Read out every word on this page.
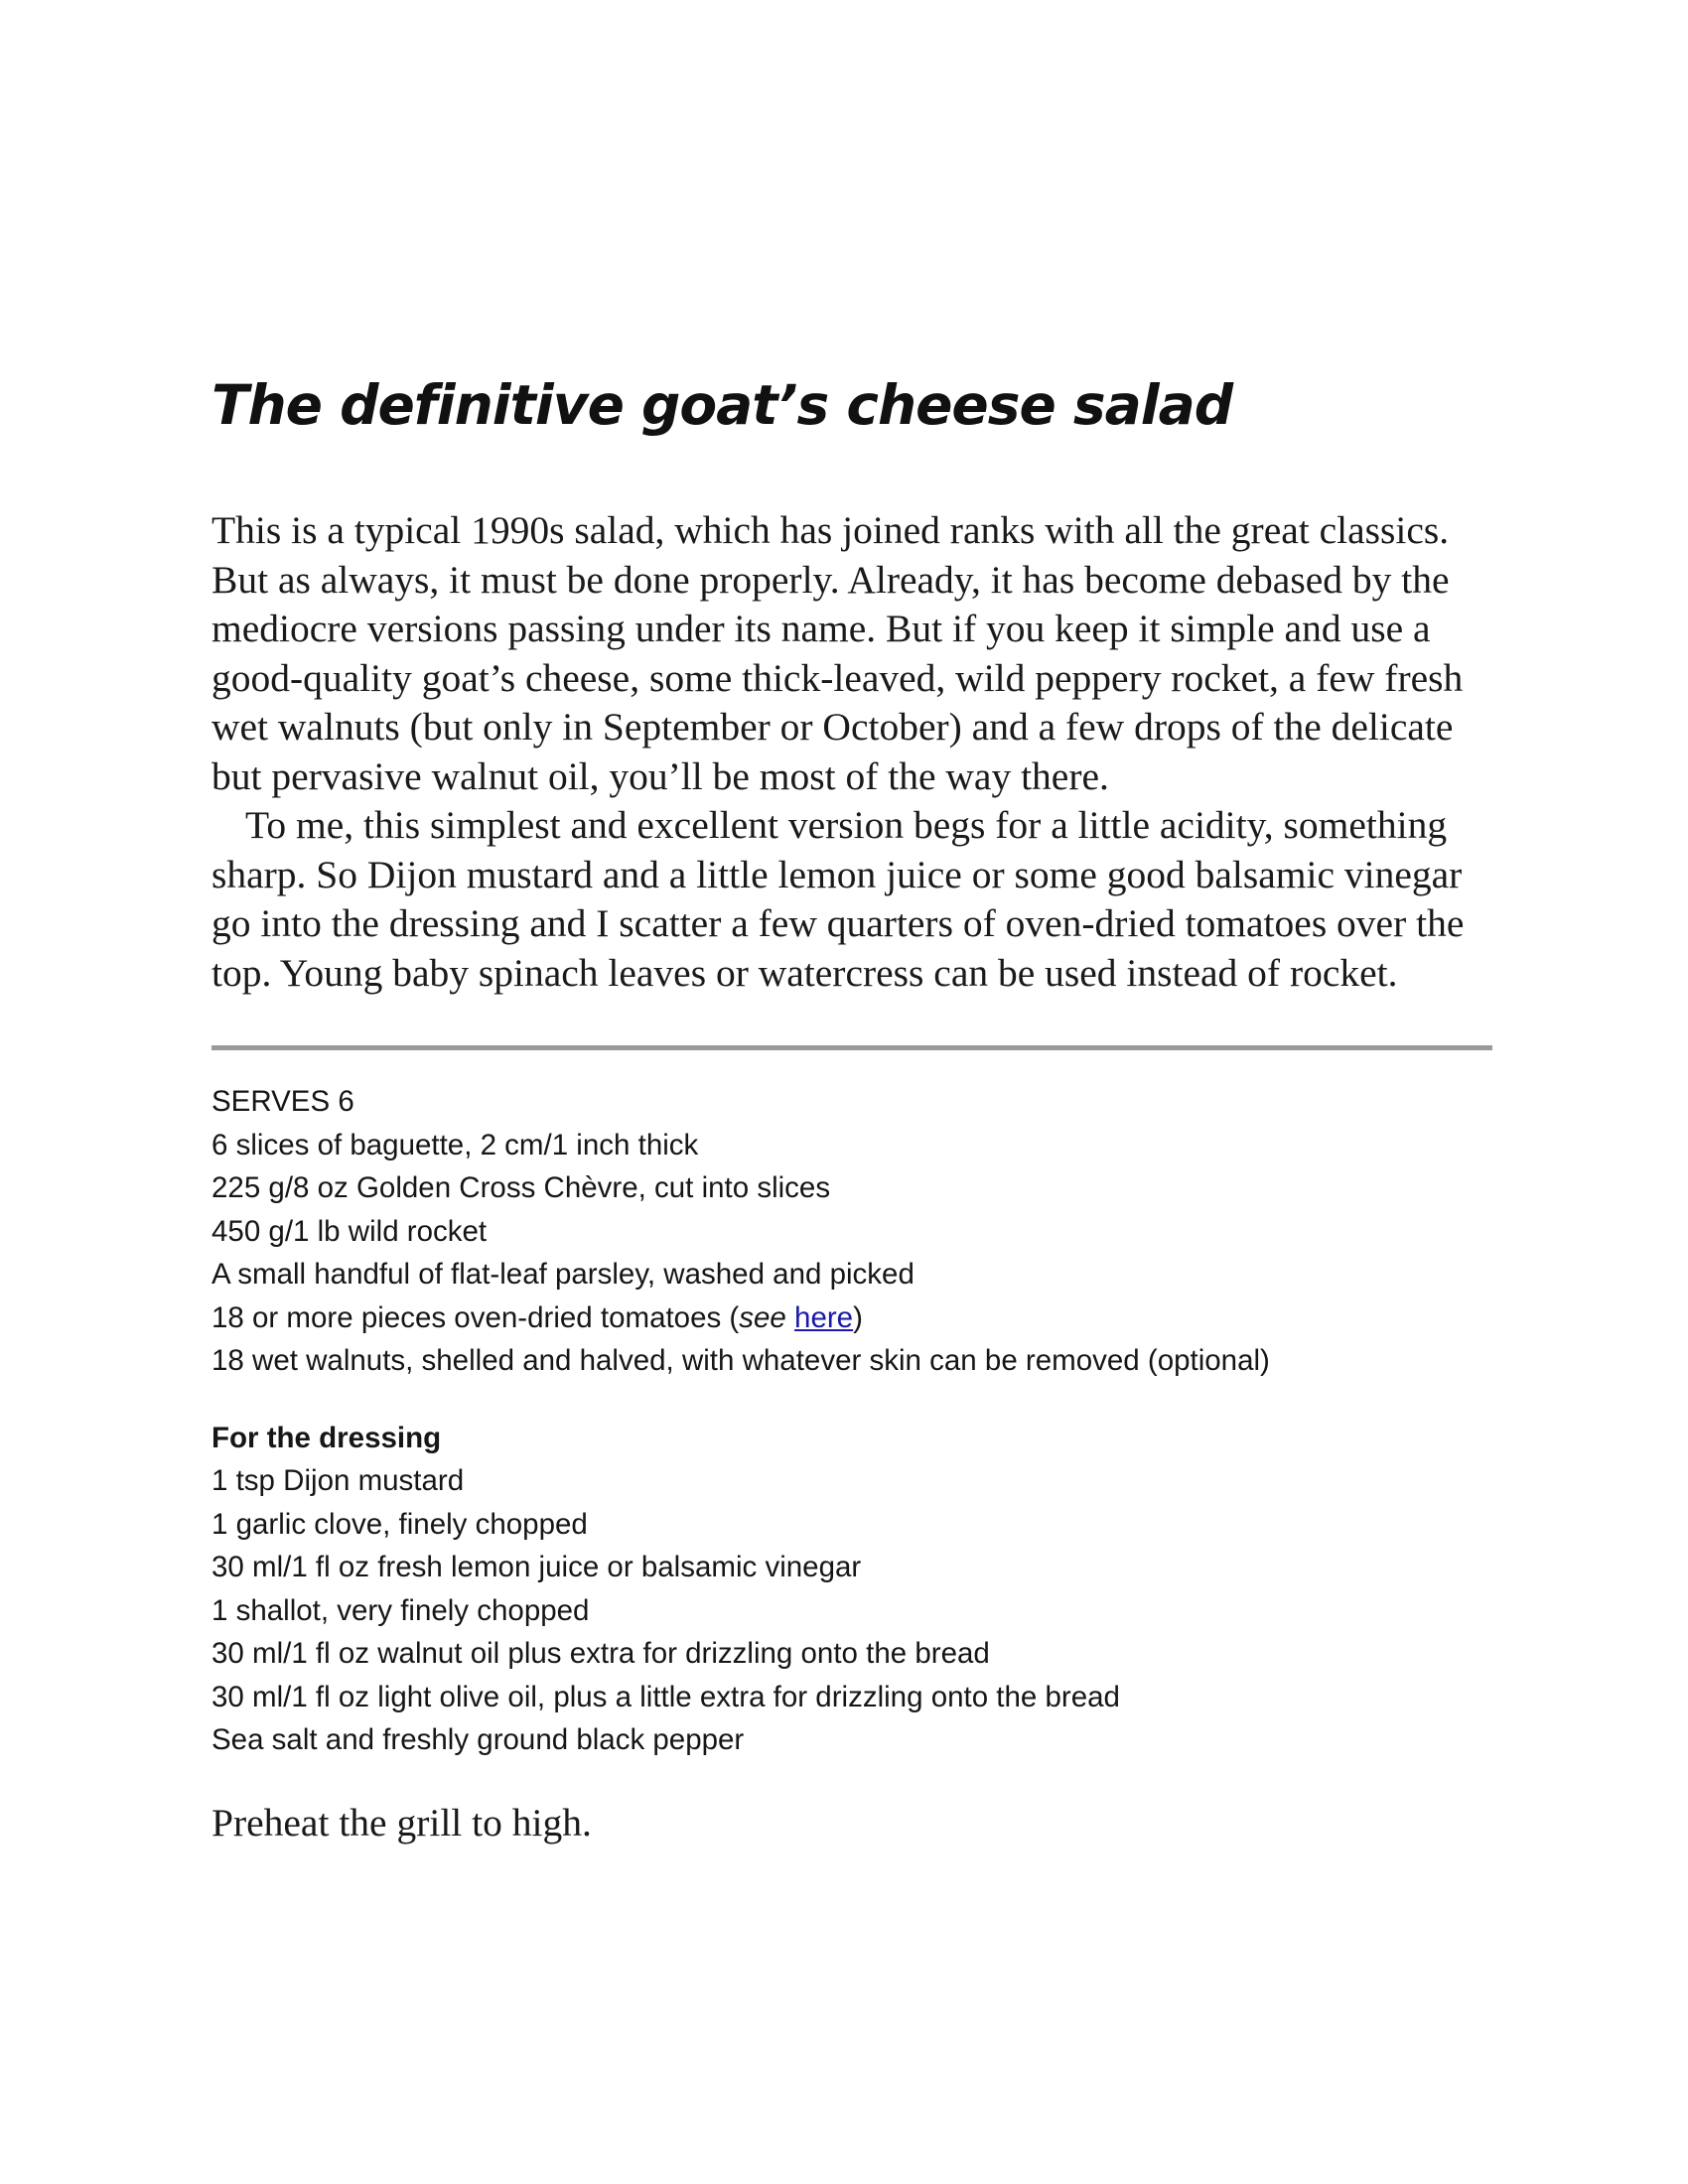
The definitive goat’s cheese salad

This is a typical 1990s salad, which has joined ranks with all the great classics. But as always, it must be done properly. Already, it has become debased by the mediocre versions passing under its name. But if you keep it simple and use a good-quality goat’s cheese, some thick-leaved, wild peppery rocket, a few fresh wet walnuts (but only in September or October) and a few drops of the delicate but pervasive walnut oil, you’ll be most of the way there.

To me, this simplest and excellent version begs for a little acidity, something sharp. So Dijon mustard and a little lemon juice or some good balsamic vinegar go into the dressing and I scatter a few quarters of oven-dried tomatoes over the top. Young baby spinach leaves or watercress can be used instead of rocket.

SERVES 6
6 slices of baguette, 2 cm/1 inch thick
225 g/8 oz Golden Cross Chèvre, cut into slices
450 g/1 lb wild rocket
A small handful of flat-leaf parsley, washed and picked
18 or more pieces oven-dried tomatoes (see here)
18 wet walnuts, shelled and halved, with whatever skin can be removed (optional)
For the dressing
1 tsp Dijon mustard
1 garlic clove, finely chopped
30 ml/1 fl oz fresh lemon juice or balsamic vinegar
1 shallot, very finely chopped
30 ml/1 fl oz walnut oil plus extra for drizzling onto the bread
30 ml/1 fl oz light olive oil, plus a little extra for drizzling onto the bread
Sea salt and freshly ground black pepper

Preheat the grill to high.
